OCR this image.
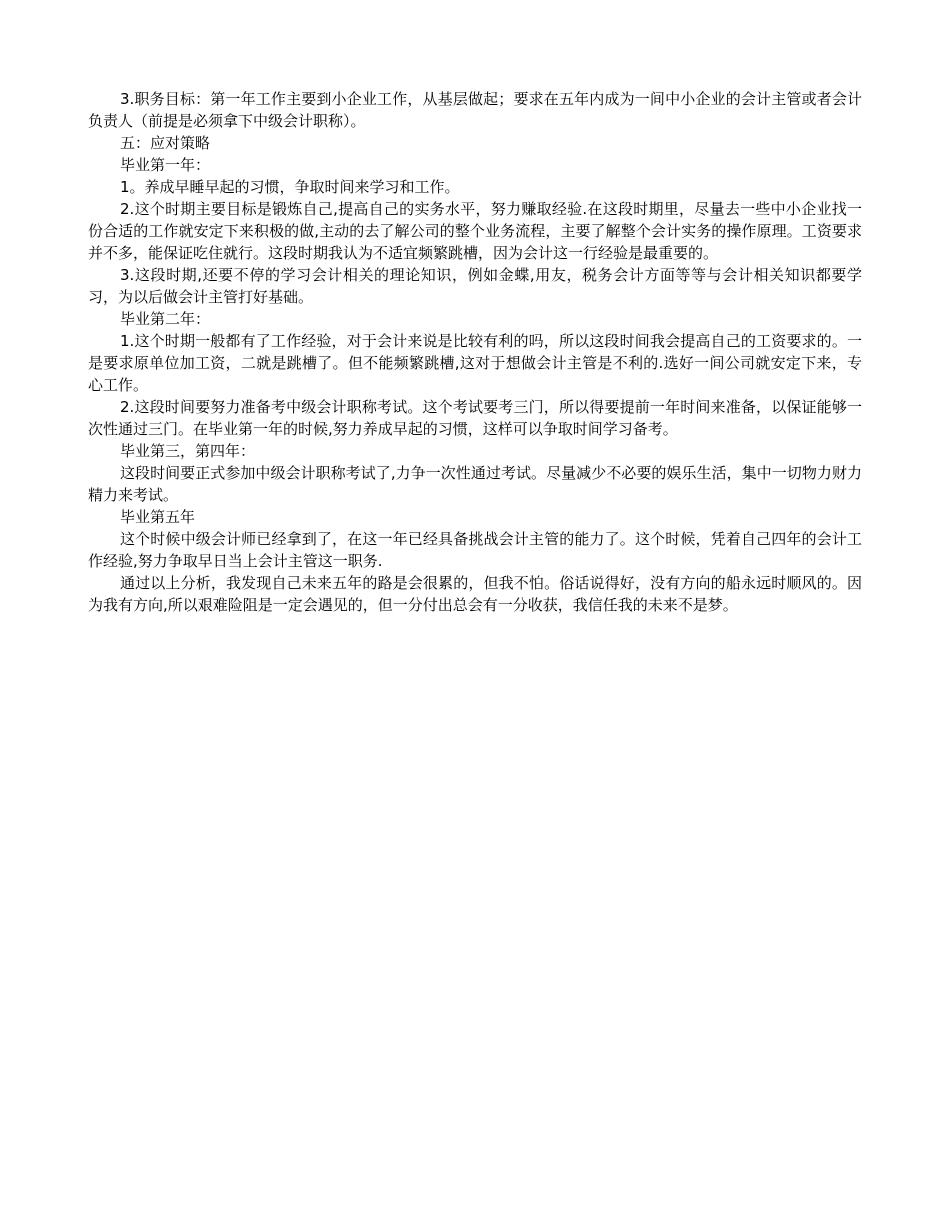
3.职务目标：第一年工作主要到小企业工作，从基层做起；要求在五年内成为一间中小企业的会计主管或者会计负责人（前提是必须拿下中级会计职称）。

五：应对策略

毕业第一年：

1。养成早睡早起的习惯，争取时间来学习和工作。

2.这个时期主要目标是锻炼自己,提高自己的实务水平，努力赚取经验.在这段时期里，尽量去一些中小企业找一份合适的工作就安定下来积极的做,主动的去了解公司的整个业务流程，主要了解整个会计实务的操作原理。工资要求并不多，能保证吃住就行。这段时期我认为不适宜频繁跳槽，因为会计这一行经验是最重要的。

3.这段时期,还要不停的学习会计相关的理论知识，例如金蝶,用友，税务会计方面等等与会计相关知识都要学习，为以后做会计主管打好基础。

毕业第二年：

1.这个时期一般都有了工作经验，对于会计来说是比较有利的吗，所以这段时间我会提高自己的工资要求的。一是要求原单位加工资，二就是跳槽了。但不能频繁跳槽,这对于想做会计主管是不利的.选好一间公司就安定下来，专心工作。

2.这段时间要努力准备考中级会计职称考试。这个考试要考三门，所以得要提前一年时间来准备，以保证能够一次性通过三门。在毕业第一年的时候,努力养成早起的习惯，这样可以争取时间学习备考。

毕业第三，第四年：

这段时间要正式参加中级会计职称考试了,力争一次性通过考试。尽量减少不必要的娱乐生活，集中一切物力财力精力来考试。

毕业第五年

这个时候中级会计师已经拿到了，在这一年已经具备挑战会计主管的能力了。这个时候，凭着自己四年的会计工作经验,努力争取早日当上会计主管这一职务.

通过以上分析，我发现自己未来五年的路是会很累的，但我不怕。俗话说得好，没有方向的船永远时顺风的。因为我有方向,所以艰难险阻是一定会遇见的，但一分付出总会有一分收获，我信任我的未来不是梦。
